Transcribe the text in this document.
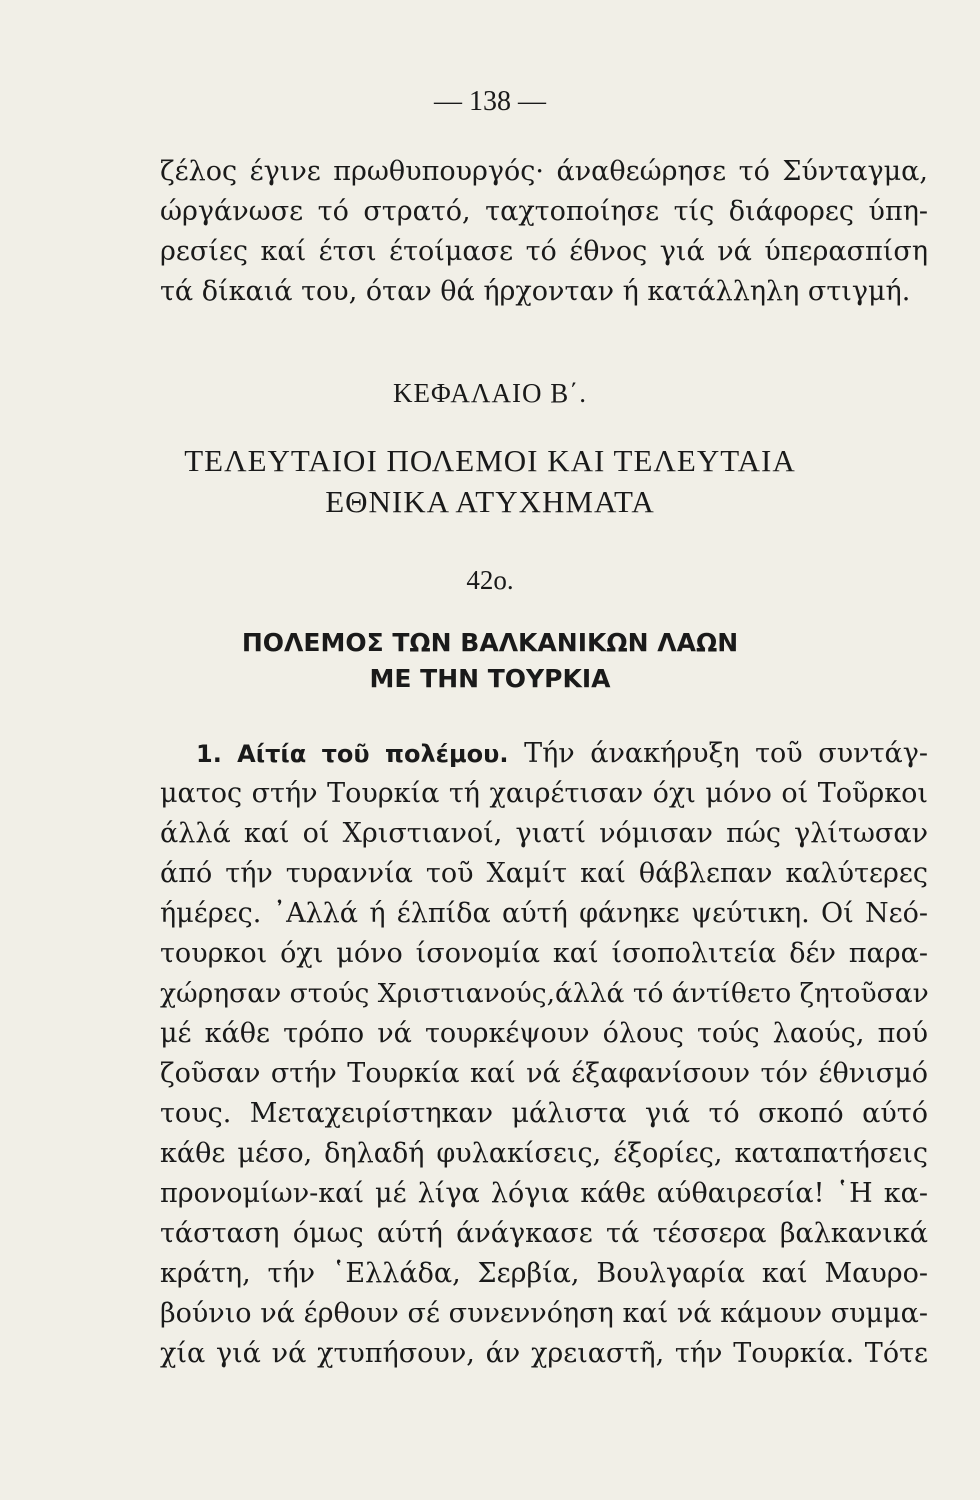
— 138 —
ζέλος έγινε πρωθυπουργός· άναθεώρησε τό Σύνταγμα,
ώργάνωσε τό στρατό, ταχτοποίησε τίς διάφορες ύπη-
ρεσίες καί έτσι έτοίμασε τό έθνος γιά νά ύπερασπίση
τά δίκαιά του, όταν θά ήρχονταν ή κατάλληλη στιγμή.
ΚΕΦΑΛΑΙΟ Β΄.
ΤΕΛΕΥΤΑΙΟΙ ΠΟΛΕΜΟΙ ΚΑΙ ΤΕΛΕΥΤΑΙΑ
ΕΘΝΙΚΑ ΑΤΥΧΗΜΑΤΑ
42ο.
ΠΟΛΕΜΟΣ ΤΩΝ ΒΑΛΚΑΝΙΚΩΝ ΛΑΩΝ
ΜΕ ΤΗΝ ΤΟΥΡΚΙΑ
1. Αίτία τοῦ πολέμου. Τήν άνακήρυξη τοῦ συντάγ-
ματος στήν Τουρκία τή χαιρέτισαν όχι μόνο οί Τοῦρκοι
άλλά καί οί Χριστιανοί, γιατί νόμισαν πώς γλίτωσαν
άπό τήν τυραννία τοῦ Χαμίτ καί θάβλεπαν καλύτερες
ήμέρες. ᾿Αλλά ή έλπίδα αύτή φάνηκε ψεύτικη. Οί Νεό-
τουρκοι όχι μόνο ίσονομία καί ίσοπολιτεία δέν παρα-
χώρησαν στούς Χριστιανούς,άλλά τό άντίθετο ζητοῦσαν
μέ κάθε τρόπο νά τουρκέψουν όλους τούς λαούς, πού
ζοῦσαν στήν Τουρκία καί νά έξαφανίσουν τόν έθνισμό
τους. Μεταχειρίστηκαν μάλιστα γιά τό σκοπό αύτό
κάθε μέσο, δηλαδή φυλακίσεις, έξορίες, καταπατήσεις
προνομίων-καί μέ λίγα λόγια κάθε αύθαιρεσία! ῾Η κα-
τάσταση όμως αύτή άνάγκασε τά τέσσερα βαλκανικά
κράτη, τήν ῾Ελλάδα, Σερβία, Βουλγαρία καί Μαυρο-
βούνιο νά έρθουν σέ συνεννόηση καί νά κάμουν συμμα-
χία γιά νά χτυπήσουν, άν χρειαστῆ, τήν Τουρκία. Τότε
